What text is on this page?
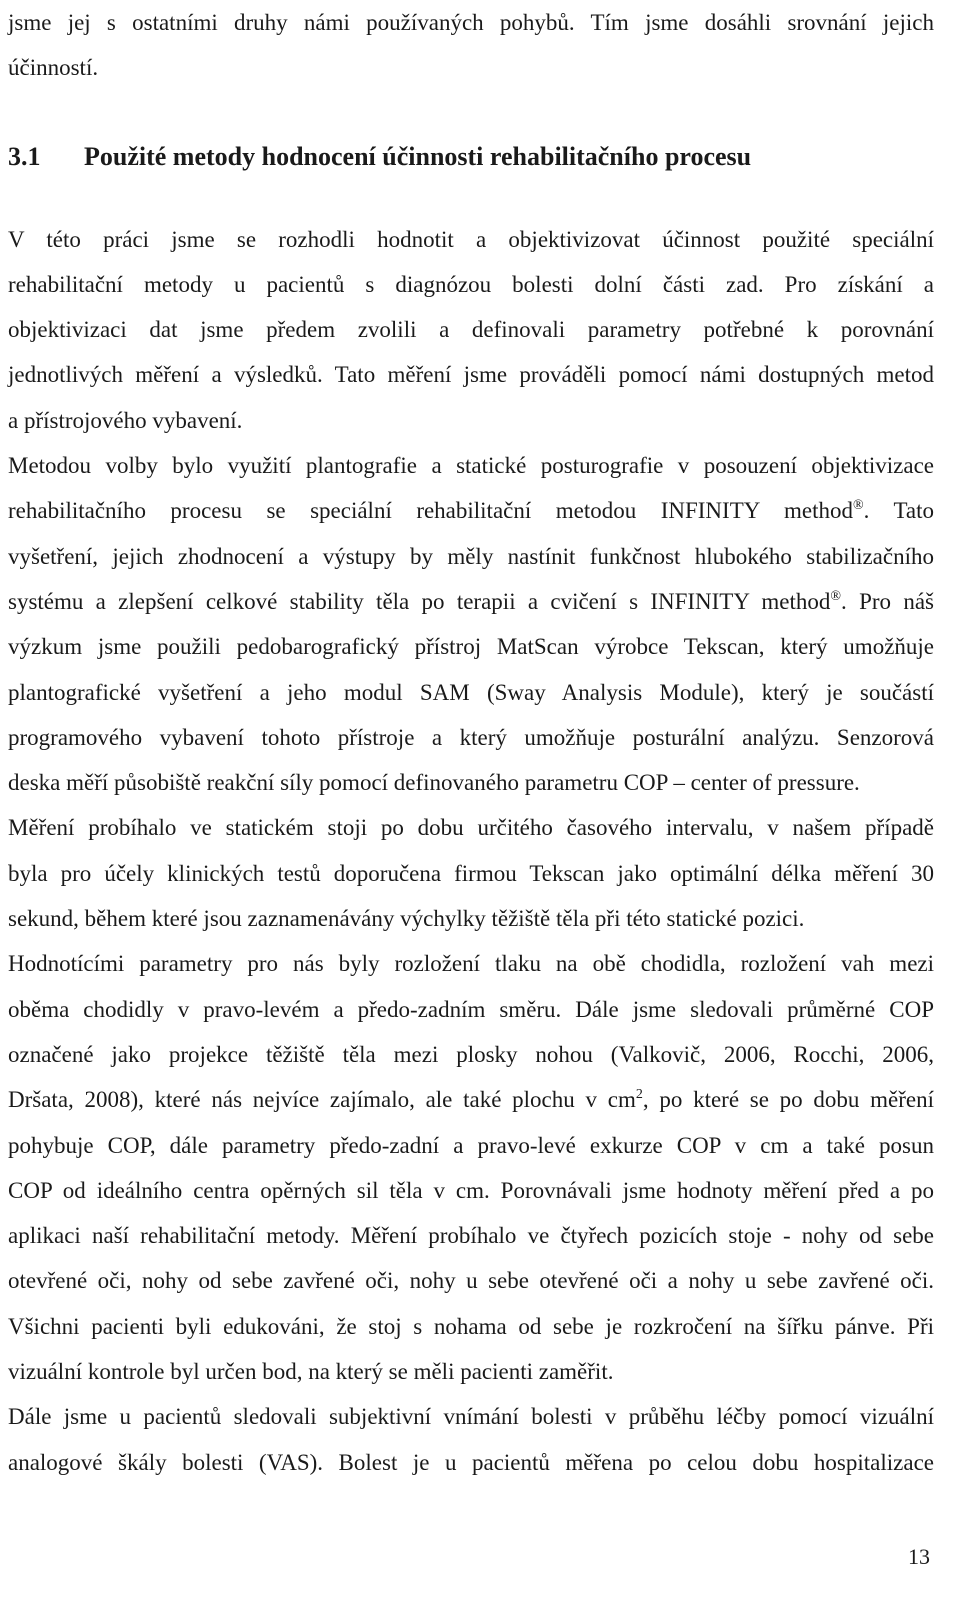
jsme jej s ostatními druhy námi používaných pohybů. Tím jsme dosáhli srovnání jejich
účinností.
3.1 Použité metody hodnocení účinnosti rehabilitačního procesu
V této práci jsme se rozhodli hodnotit a objektivizovat účinnost použité speciální
rehabilitační metody u pacientů s diagnózou bolesti dolní části zad. Pro získání a
objektivizaci dat jsme předem zvolili a definovali parametry potřebné k porovnání
jednotlivých měření a výsledků. Tato měření jsme prováděli pomocí námi dostupných metod
a přístrojového vybavení.
Metodou volby bylo využití plantografie a statické posturografie v posouzení objektivizace
rehabilitačního procesu se speciální rehabilitační metodou INFINITY method®. Tato
vyšetření, jejich zhodnocení a výstupy by měly nastínit funkčnost hlubokého stabilizačního
systému a zlepšení celkové stability těla po terapii a cvičení s INFINITY method®. Pro náš
výzkum jsme použili pedobarografický přístroj MatScan výrobce Tekscan, který umožňuje
plantografické vyšetření a jeho modul SAM (Sway Analysis Module), který je součástí
programového vybavení tohoto přístroje a který umožňuje posturální analýzu. Senzorová
deska měří působiště reakční síly pomocí definovaného parametru COP – center of pressure.
Měření probíhalo ve statickém stoji po dobu určitého časového intervalu, v našem případě
byla pro účely klinických testů doporučena firmou Tekscan jako optimální délka měření 30
sekund, během které jsou zaznamenávány výchylky těžiště těla při této statické pozici.
Hodnotícími parametry pro nás byly rozložení tlaku na obě chodidla, rozložení vah mezi
oběma chodidly v pravo-levém a předo-zadním směru. Dále jsme sledovali průměrné COP
označené jako projekce těžiště těla mezi plosky nohou (Valkovič, 2006, Rocchi, 2006,
Dršata, 2008), které nás nejvíce zajímalo, ale také plochu v $cm^2$, po které se po dobu měření
pohybuje COP, dále parametry předo-zadní a pravo-levé exkurze COP v cm a také posun
COP od ideálního centra opěrných sil těla v cm. Porovnávali jsme hodnoty měření před a po
aplikaci naší rehabilitační metody. Měření probíhalo ve čtyřech pozicích stoje - nohy od sebe
otevřené oči, nohy od sebe zavřené oči, nohy u sebe otevřené oči a nohy u sebe zavřené oči.
Všichni pacienti byli edukováni, že stoj s nohama od sebe je rozkročení na šířku pánve. Při
vizuální kontrole byl určen bod, na který se měli pacienti zaměřit.
Dále jsme u pacientů sledovali subjektivní vnímání bolesti v průběhu léčby pomocí vizuální
analogové škály bolesti (VAS). Bolest je u pacientů měřena po celou dobu hospitalizace
13
